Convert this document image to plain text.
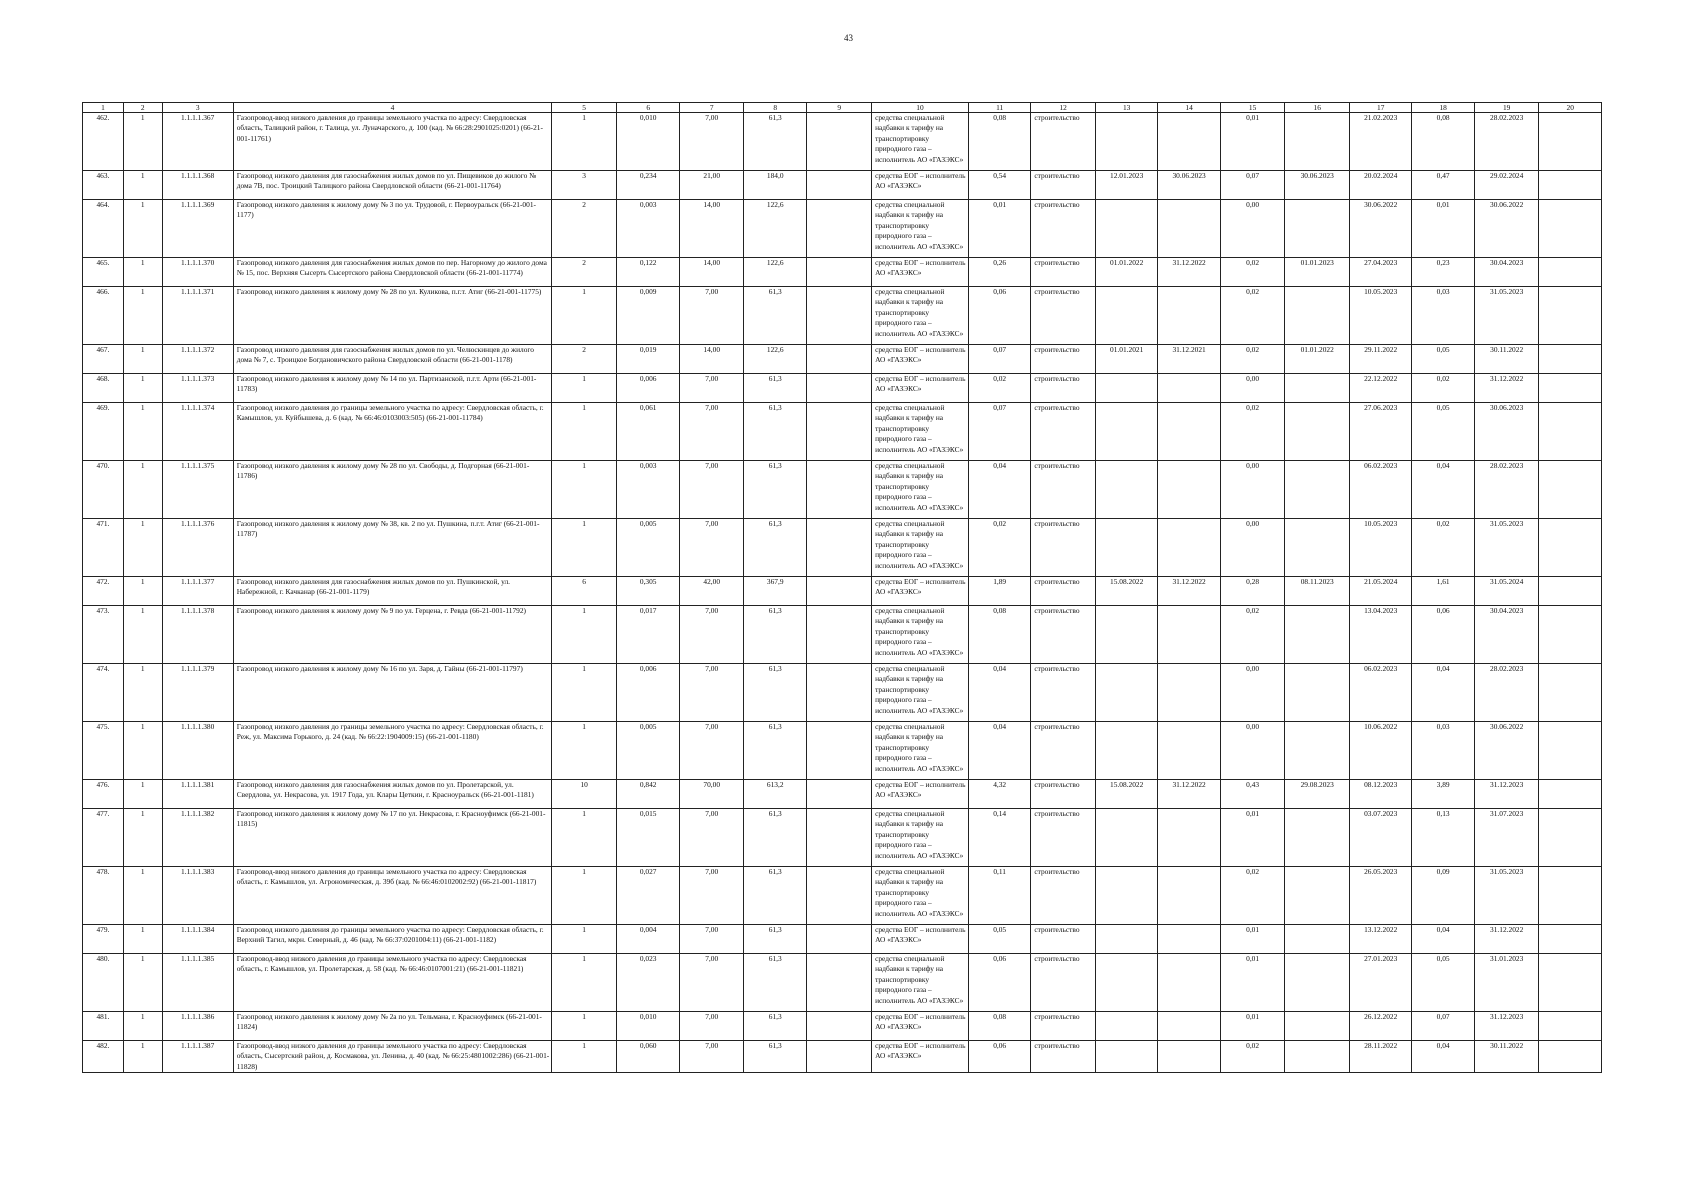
43
1	2	3	4	5	6	7	8	9	10	11	12	13	14	15	16	17	18	19	20
462.	1	1.1.1.1.367	Газопровод-ввод низкого давления до границы земельного участка по адресу: Свердловская область, Талицкий район, г. Талица, ул. Луначарского, д. 100 (кад. № 66:28:2901025:0201) (66-21-001-11761)	1	0,010	7,00	61,3		средства специальной надбавки к тарифу на транспортировку природного газа – исполнитель АО «ГАЗЭКС»	0,08	строительство			0,01		21.02.2023	0,08	28.02.2023	
463.	1	1.1.1.1.368	Газопровод низкого давления для газоснабжения жилых домов по ул. Пищевиков до жилого № дома 7В, пос. Троицкий Талицкого района Свердловской области (66-21-001-11764)	3	0,234	21,00	184,0		средства ЕОГ – исполнитель АО «ГАЗЭКС»	0,54	строительство	12.01.2023	30.06.2023	0,07	30.06.2023	20.02.2024	0,47	29.02.2024	
464.	1	1.1.1.1.369	Газопровод низкого давления к жилому дому № 3 по ул. Трудовой, г. Первоуральск (66-21-001-1177)	2	0,003	14,00	122,6		средства специальной надбавки к тарифу на транспортировку природного газа – исполнитель АО «ГАЗЭКС»	0,01	строительство			0,00		30.06.2022	0,01	30.06.2022	
465.	1	1.1.1.1.370	Газопровод низкого давления для газоснабжения жилых домов по пер. Нагорному до жилого дома № 15, пос. Верхняя Сысерть Сысертского района Свердловской области (66-21-001-11774)	2	0,122	14,00	122,6		средства ЕОГ – исполнитель АО «ГАЗЭКС»	0,26	строительство	01.01.2022	31.12.2022	0,02	01.01.2023	27.04.2023	0,23	30.04.2023	
466.	1	1.1.1.1.371	Газопровод низкого давления к жилому дому № 28 по ул. Куликова, п.г.т. Атиг (66-21-001-11775)	1	0,009	7,00	61,3		средства специальной надбавки к тарифу на транспортировку природного газа – исполнитель АО «ГАЗЭКС»	0,06	строительство			0,02		10.05.2023	0,03	31.05.2023	
467.	1	1.1.1.1.372	Газопровод низкого давления для газоснабжения жилых домов по ул. Челюскинцев до жилого дома № 7, с. Троицкое Богдановичского района Свердловской области (66-21-001-1178)	2	0,019	14,00	122,6		средства ЕОГ – исполнитель АО «ГАЗЭКС»	0,07	строительство	01.01.2021	31.12.2021	0,02	01.01.2022	29.11.2022	0,05	30.11.2022	
468.	1	1.1.1.1.373	Газопровод низкого давления к жилому дому № 14 по ул. Партизанской, п.г.т. Арти (66-21-001-11783)	1	0,006	7,00	61,3		средства ЕОГ – исполнитель АО «ГАЗЭКС»	0,02	строительство			0,00		22.12.2022	0,02	31.12.2022	
469.	1	1.1.1.1.374	Газопровод низкого давления до границы земельного участка по адресу: Свердловская область, г. Камышлов, ул. Куйбышева, д. 6 (кад. № 66:46:0103003:505) (66-21-001-11784)	1	0,061	7,00	61,3		средства специальной надбавки к тарифу на транспортировку природного газа – исполнитель АО «ГАЗЭКС»	0,07	строительство			0,02		27.06.2023	0,05	30.06.2023	
470.	1	1.1.1.1.375	Газопровод низкого давления к жилому дому № 28 по ул. Свободы, д. Подгорная (66-21-001-11786)	1	0,003	7,00	61,3		средства специальной надбавки к тарифу на транспортировку природного газа – исполнитель АО «ГАЗЭКС»	0,04	строительство			0,00		06.02.2023	0,04	28.02.2023	
471.	1	1.1.1.1.376	Газопровод низкого давления к жилому дому № 38, кв. 2 по ул. Пушкина, п.г.т. Атиг (66-21-001-11787)	1	0,005	7,00	61,3		средства специальной надбавки к тарифу на транспортировку природного газа – исполнитель АО «ГАЗЭКС»	0,02	строительство			0,00		10.05.2023	0,02	31.05.2023	
472.	1	1.1.1.1.377	Газопровод низкого давления для газоснабжения жилых домов по ул. Пушкинской, ул. Набережной, г. Качканар (66-21-001-1179)	6	0,305	42,00	367,9		средства ЕОГ – исполнитель АО «ГАЗЭКС»	1,89	строительство	15.08.2022	31.12.2022	0,28	08.11.2023	21.05.2024	1,61	31.05.2024	
473.	1	1.1.1.1.378	Газопровод низкого давления к жилому дому № 9 по ул. Герцена, г. Ревда (66-21-001-11792)	1	0,017	7,00	61,3		средства специальной надбавки к тарифу на транспортировку природного газа – исполнитель АО «ГАЗЭКС»	0,08	строительство			0,02		13.04.2023	0,06	30.04.2023	
474.	1	1.1.1.1.379	Газопровод низкого давления к жилому дому № 16 по ул. Заря, д. Гайны (66-21-001-11797)	1	0,006	7,00	61,3		средства специальной надбавки к тарифу на транспортировку природного газа – исполнитель АО «ГАЗЭКС»	0,04	строительство			0,00		06.02.2023	0,04	28.02.2023	
475.	1	1.1.1.1.380	Газопровод низкого давления до границы земельного участка по адресу: Свердловская область, г. Реж, ул. Максима Горького, д. 24 (кад. № 66:22:1904009:15) (66-21-001-1180)	1	0,005	7,00	61,3		средства специальной надбавки к тарифу на транспортировку природного газа – исполнитель АО «ГАЗЭКС»	0,04	строительство			0,00		10.06.2022	0,03	30.06.2022	
476.	1	1.1.1.1.381	Газопровод низкого давления для газоснабжения жилых домов по ул. Пролетарской, ул. Свердлова, ул. Некрасова, ул. 1917 Года, ул. Клары Цеткин, г. Красноуральск (66-21-001-1181)	10	0,842	70,00	613,2		средства ЕОГ – исполнитель АО «ГАЗЭКС»	4,32	строительство	15.08.2022	31.12.2022	0,43	29.08.2023	08.12.2023	3,89	31.12.2023	
477.	1	1.1.1.1.382	Газопровод низкого давления к жилому дому № 17 по ул. Некрасова, г. Красноуфимск (66-21-001-11815)	1	0,015	7,00	61,3		средства специальной надбавки к тарифу на транспортировку природного газа – исполнитель АО «ГАЗЭКС»	0,14	строительство			0,01		03.07.2023	0,13	31.07.2023	
478.	1	1.1.1.1.383	Газопровод-ввод низкого давления до границы земельного участка по адресу: Свердловская область, г. Камышлов, ул. Агрономическая, д. 39б (кад. № 66:46:0102002:92) (66-21-001-11817)	1	0,027	7,00	61,3		средства специальной надбавки к тарифу на транспортировку природного газа – исполнитель АО «ГАЗЭКС»	0,11	строительство			0,02		26.05.2023	0,09	31.05.2023	
479.	1	1.1.1.1.384	Газопровод низкого давления до границы земельного участка по адресу: Свердловская область, г. Верхний Тагил, мкрн. Северный, д. 46 (кад. № 66:37:0201004:11) (66-21-001-1182)	1	0,004	7,00	61,3		средства ЕОГ – исполнитель АО «ГАЗЭКС»	0,05	строительство			0,01		13.12.2022	0,04	31.12.2022	
480.	1	1.1.1.1.385	Газопровод-ввод низкого давления до границы земельного участка по адресу: Свердловская область, г. Камышлов, ул. Пролетарская, д. 58 (кад. № 66:46:0107001:21) (66-21-001-11821)	1	0,023	7,00	61,3		средства специальной надбавки к тарифу на транспортировку природного газа – исполнитель АО «ГАЗЭКС»	0,06	строительство			0,01		27.01.2023	0,05	31.01.2023	
481.	1	1.1.1.1.386	Газопровод низкого давления к жилому дому № 2а по ул. Тельмана, г. Красноуфимск (66-21-001-11824)	1	0,010	7,00	61,3		средства ЕОГ – исполнитель АО «ГАЗЭКС»	0,08	строительство			0,01		26.12.2022	0,07	31.12.2023	
482.	1	1.1.1.1.387	Газопровод-ввод низкого давления до границы земельного участка по адресу: Свердловская область, Сысертский район, д. Космакова, ул. Ленина, д. 40 (кад. № 66:25:4801002:286) (66-21-001-11828)	1	0,060	7,00	61,3		средства ЕОГ – исполнитель АО «ГАЗЭКС»	0,06	строительство			0,02		28.11.2022	0,04	30.11.2022	
